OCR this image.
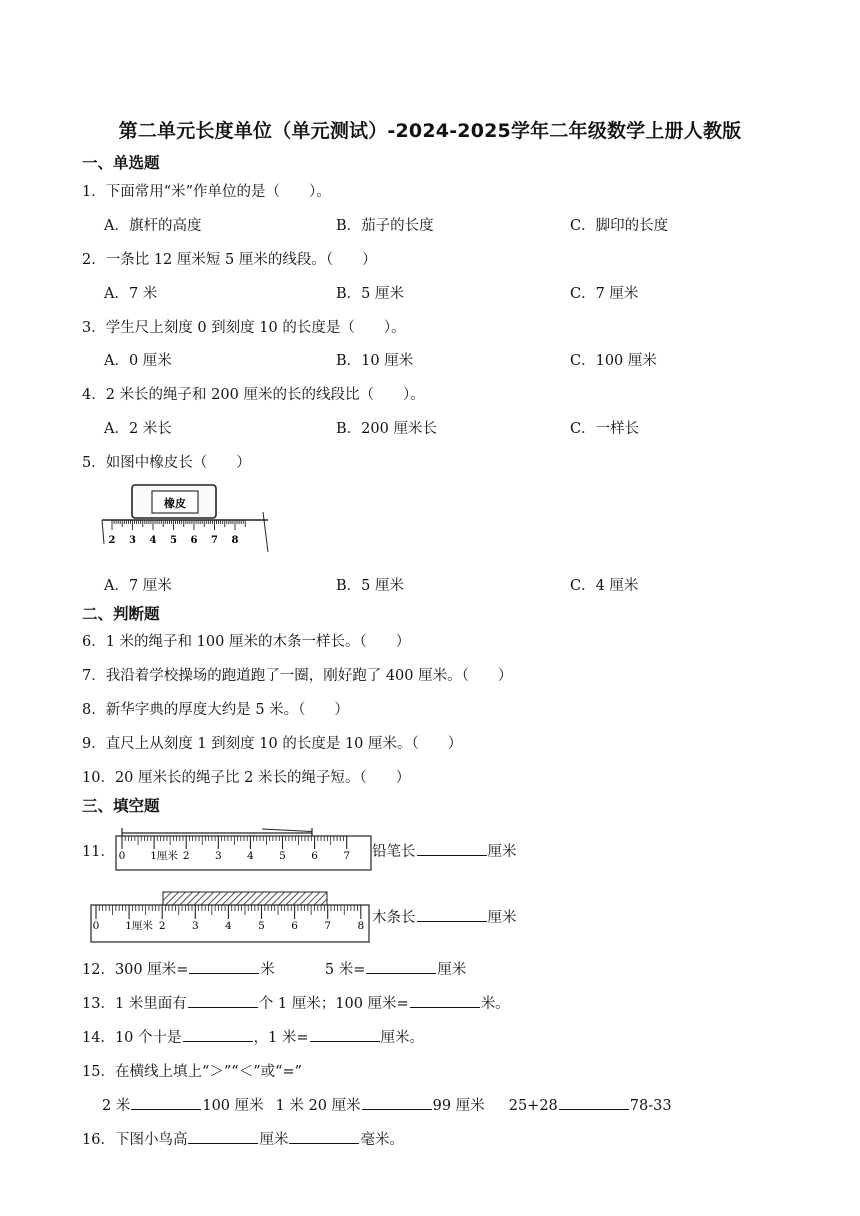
第二单元长度单位（单元测试）-2024-2025学年二年级数学上册人教版
一、单选题
1．下面常用“米”作单位的是（　　）。
A．旗杆的高度	B．茄子的长度	C．脚印的长度
2．一条比 12 厘米短 5 厘米的线段。（　　）
A．7 米	B．5 厘米	C．7 厘米
3．学生尺上刻度 0 到刻度 10 的长度是（　　）。
A．0 厘米	B．10 厘米	C．100 厘米
4．2 米长的绳子和 200 厘米的长的线段比（　　）。
A．2 米长	B．200 厘米长	C．一样长
5．如图中橡皮长（　　）
橡皮
2 3 4 5 6 7 8
A．7 厘米	B．5 厘米	C．4 厘米
二、判断题
6．1 米的绳子和 100 厘米的木条一样长。（　　）
7．我沿着学校操场的跑道跑了一圈，刚好跑了 400 厘米。（　　）
8．新华字典的厚度大约是 5 米。（　　）
9．直尺上从刻度 1 到刻度 10 的长度是 10 厘米。（　　）
10．20 厘米长的绳子比 2 米长的绳子短。（　　）
三、填空题
11． 0 1厘米 2 3 4 5 6 7 铅笔长	厘米
0 1厘米 2	3	4	5	6	7	8 木条长	厘米
12．300 厘米=	米	5 米=	厘米
13．1 米里面有	个 1 厘米；100 厘米=	米。
14．10 个十是	，1 米=	厘米。
15．在横线上填上“＞”“＜”或“=”
2 米	100 厘米 1 米 20 厘米	99 厘米 25+28	78-33
16．下图小鸟高	厘米	毫米。
